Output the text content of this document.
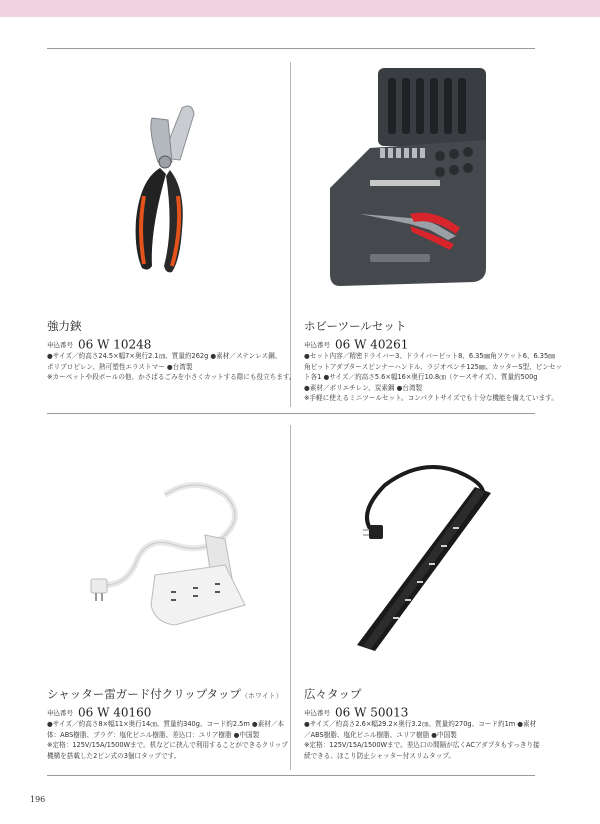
強力鋏
申込番号 06 W 10248
●サイズ／約高さ24.5×幅7×奥行2.1㎝、質量約262g ●素材／ステンレス鋼、
ポリプロピレン、熱可塑性エラストマー ●台湾製
※カーペットや段ボールの他、かさばるごみを小さくカットする際にも役立ちます。
ホビーツールセット
申込番号 06 W 40261
●セット内容／精密ドライバー3、ドライバービット8、6.35㎜角ソケット6、6.35㎜
角ビットアダプタースピンナーハンドル、ラジオペンチ125㎜、カッターS型、ピンセッ
ト各1 ●サイズ／約高さ5.6×幅16×奥行10.8㎝（ケースサイズ）、質量約500g
●素材／ポリエチレン、炭素鋼 ●台湾製
※手軽に使えるミニツールセット。コンパクトサイズでも十分な機能を備えています。
シャッター雷ガード付クリップタップ（ホワイト）
申込番号 06 W 40160
●サイズ／約高さ8×幅11×奥行14㎝、質量約340g、コード約2.5m ●素材／本
体：ABS樹脂、プラグ：塩化ビニル樹脂、差込口：ユリア樹脂 ●中国製
※定格：125V/15A/1500Wまで。机などに挟んで利用することができるクリップ
機構を搭載した2ピン式の3個口タップです。
広々タップ
申込番号 06 W 50013
●サイズ／約高さ2.6×幅29.2×奥行3.2㎝、質量約270g、コード約1m ●素材
／ABS樹脂、塩化ビニル樹脂、ユリア樹脂 ●中国製
※定格：125V/15A/1500Wまで。差込口の間隔が広くACアダプタもすっきり接
続できる、ほこり防止シャッター付スリムタップ。
196
